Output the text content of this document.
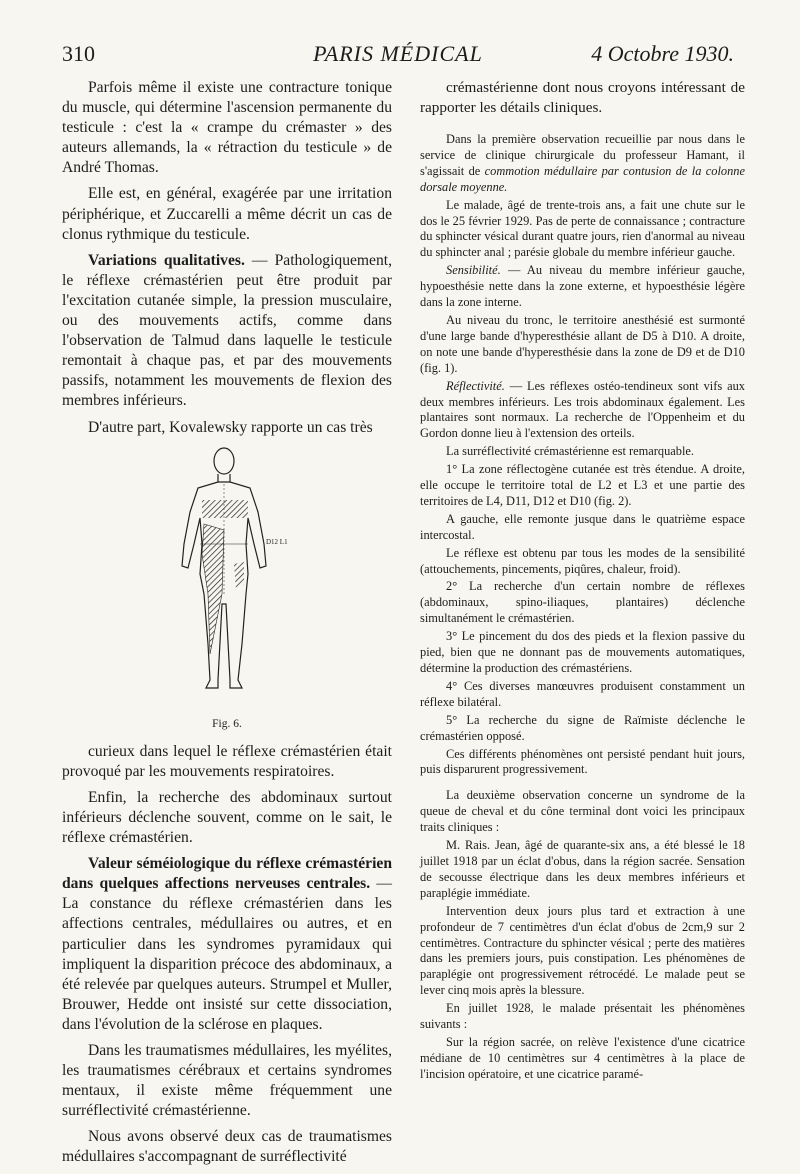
310	PARIS MÉDICAL	4 Octobre 1930.

Parfois même il existe une contracture tonique du muscle, qui détermine l'ascension permanente du testicule : c'est la « crampe du crémaster » des auteurs allemands, la « rétraction du testicule » de André Thomas.

Elle est, en général, exagérée par une irritation périphérique, et Zuccarelli a même décrit un cas de clonus rythmique du testicule.

Variations qualitatives. — Pathologiquement, le réflexe crémastérien peut être produit par l'excitation cutanée simple, la pression musculaire, ou des mouvements actifs, comme dans l'observation de Talmud dans laquelle le testicule remontait à chaque pas, et par des mouvements passifs, notamment les mouvements de flexion des membres inférieurs.

D'autre part, Kovalewsky rapporte un cas très

D12 L1
Fig. 6.

curieux dans lequel le réflexe crémastérien était provoqué par les mouvements respiratoires.

Enfin, la recherche des abdominaux surtout inférieurs déclenche souvent, comme on le sait, le réflexe crémastérien.

Valeur séméiologique du réflexe crémastérien dans quelques affections nerveuses centrales. — La constance du réflexe crémastérien dans les affections centrales, médullaires ou autres, et en particulier dans les syndromes pyramidaux qui impliquent la disparition précoce des abdominaux, a été relevée par quelques auteurs. Strumpel et Muller, Brouwer, Hedde ont insisté sur cette dissociation, dans l'évolution de la sclérose en plaques.

Dans les traumatismes médullaires, les myélites, les traumatismes cérébraux et certains syndromes mentaux, il existe même fréquemment une surréflectivité crémastérienne.

Nous avons observé deux cas de traumatismes médullaires s'accompagnant de surréflectivité

crémastérienne dont nous croyons intéressant de rapporter les détails cliniques.

Dans la première observation recueillie par nous dans le service de clinique chirurgicale du professeur Hamant, il s'agissait de commotion médullaire par contusion de la colonne dorsale moyenne.

Le malade, âgé de trente-trois ans, a fait une chute sur le dos le 25 février 1929. Pas de perte de connaissance ; contracture du sphincter vésical durant quatre jours, rien d'anormal au niveau du sphincter anal ; parésie globale du membre inférieur gauche.

Sensibilité. — Au niveau du membre inférieur gauche, hypoesthésie nette dans la zone externe, et hypoesthésie légère dans la zone interne.

Au niveau du tronc, le territoire anesthésié est surmonté d'une large bande d'hyperesthésie allant de D5 à D10. A droite, on note une bande d'hyperesthésie dans la zone de D9 et de D10 (fig. 1).

Réflectivité. — Les réflexes ostéo-tendineux sont vifs aux deux membres inférieurs. Les trois abdominaux également. Les plantaires sont normaux. La recherche de l'Oppenheim et du Gordon donne lieu à l'extension des orteils.

La surréflectivité crémastérienne est remarquable.

1° La zone réflectogène cutanée est très étendue. A droite, elle occupe le territoire total de L2 et L3 et une partie des territoires de L4, D11, D12 et D10 (fig. 2).

A gauche, elle remonte jusque dans le quatrième espace intercostal.

Le réflexe est obtenu par tous les modes de la sensibilité (attouchements, pincements, piqûres, chaleur, froid).

2° La recherche d'un certain nombre de réflexes (abdominaux, spino-iliaques, plantaires) déclenche simultanément le crémastérien.

3° Le pincement du dos des pieds et la flexion passive du pied, bien que ne donnant pas de mouvements automatiques, détermine la production des crémastériens.

4° Ces diverses manœuvres produisent constamment un réflexe bilatéral.

5° La recherche du signe de Raïmiste déclenche le crémastérien opposé.

Ces différents phénomènes ont persisté pendant huit jours, puis disparurent progressivement.

La deuxième observation concerne un syndrome de la queue de cheval et du cône terminal dont voici les principaux traits cliniques :

M. Rais. Jean, âgé de quarante-six ans, a été blessé le 18 juillet 1918 par un éclat d'obus, dans la région sacrée. Sensation de secousse électrique dans les deux membres inférieurs et paraplégie immédiate.

Intervention deux jours plus tard et extraction à une profondeur de 7 centimètres d'un éclat d'obus de 2cm,9 sur 2 centimètres. Contracture du sphincter vésical ; perte des matières dans les premiers jours, puis constipation. Les phénomènes de paraplégie ont progressivement rétrocédé. Le malade peut se lever cinq mois après la blessure.

En juillet 1928, le malade présentait les phénomènes suivants :

Sur la région sacrée, on relève l'existence d'une cicatrice médiane de 10 centimètres sur 4 centimètres à la place de l'incision opératoire, et une cicatrice paramé-
